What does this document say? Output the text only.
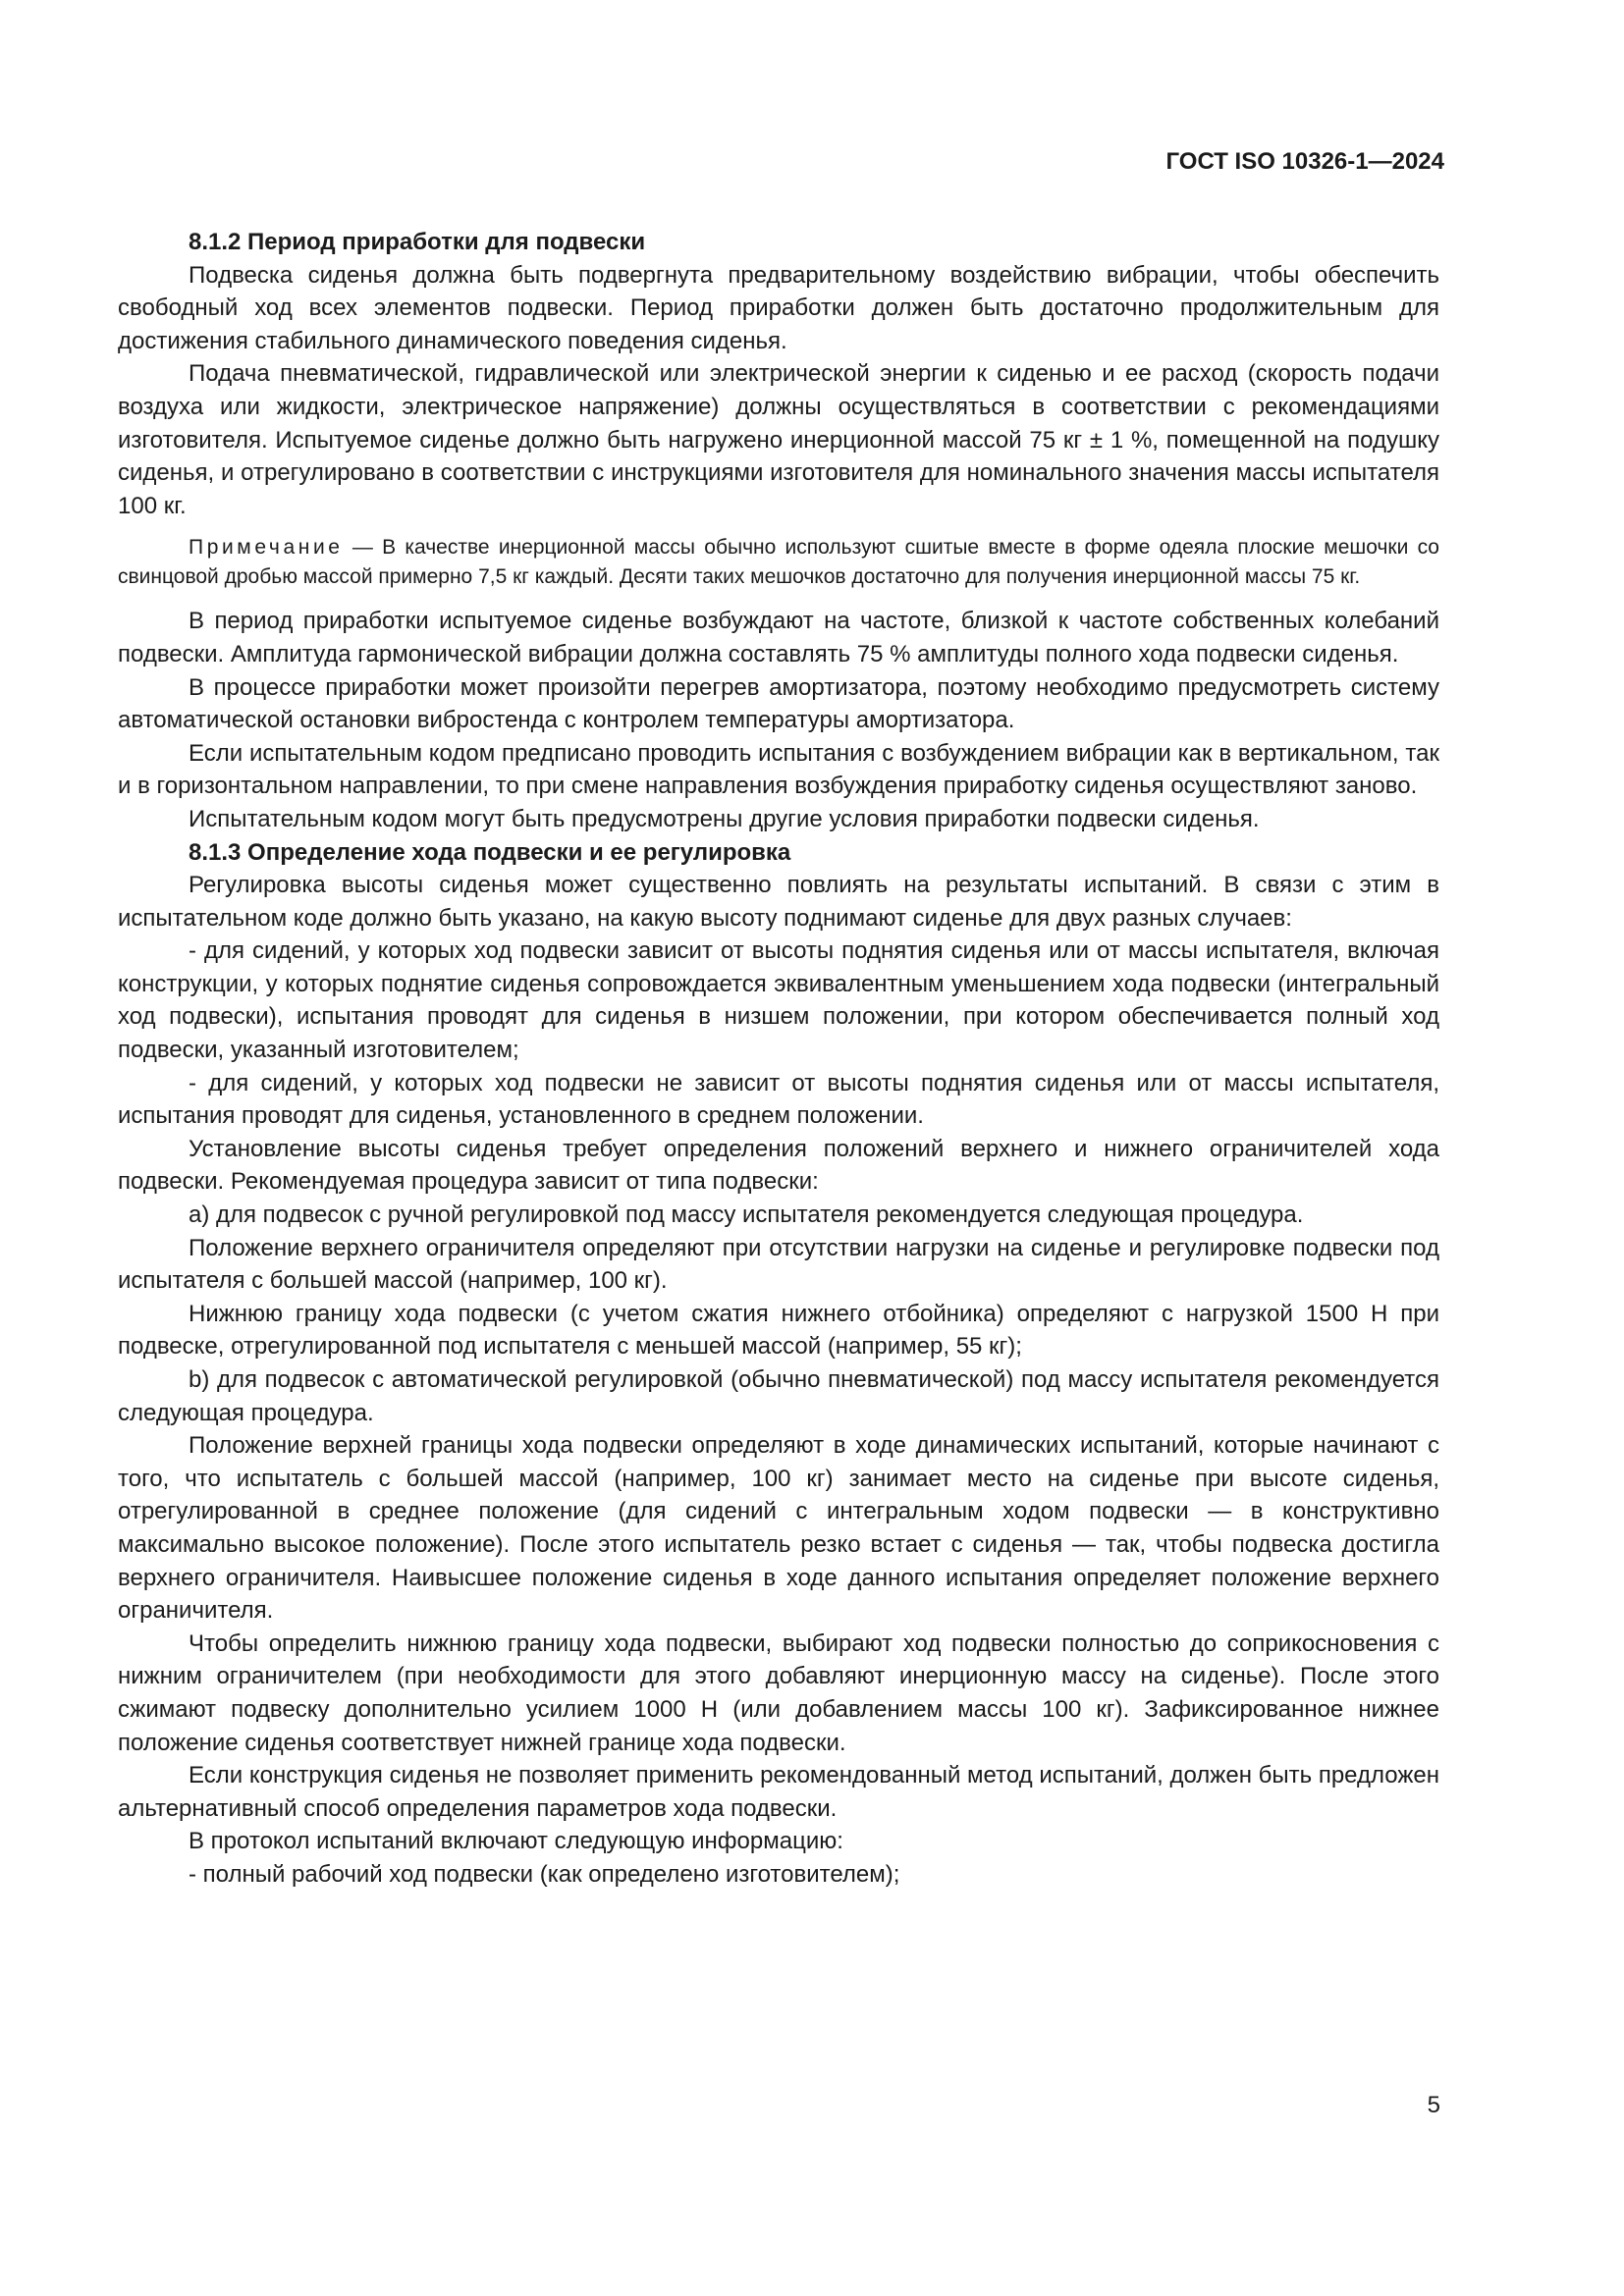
ГОСТ ISO 10326-1—2024

8.1.2 Период приработки для подвески

Подвеска сиденья должна быть подвергнута предварительному воздействию вибрации, чтобы обеспечить свободный ход всех элементов подвески. Период приработки должен быть достаточно продолжительным для достижения стабильного динамического поведения сиденья.

Подача пневматической, гидравлической или электрической энергии к сиденью и ее расход (скорость подачи воздуха или жидкости, электрическое напряжение) должны осуществляться в соответствии с рекомендациями изготовителя. Испытуемое сиденье должно быть нагружено инерционной массой 75 кг ± 1 %, помещенной на подушку сиденья, и отрегулировано в соответствии с инструкциями изготовителя для номинального значения массы испытателя 100 кг.

Примечание — В качестве инерционной массы обычно используют сшитые вместе в форме одеяла плоские мешочки со свинцовой дробью массой примерно 7,5 кг каждый. Десяти таких мешочков достаточно для получения инерционной массы 75 кг.

В период приработки испытуемое сиденье возбуждают на частоте, близкой к частоте собственных колебаний подвески. Амплитуда гармонической вибрации должна составлять 75 % амплитуды полного хода подвески сиденья.

В процессе приработки может произойти перегрев амортизатора, поэтому необходимо предусмотреть систему автоматической остановки вибростенда с контролем температуры амортизатора.

Если испытательным кодом предписано проводить испытания с возбуждением вибрации как в вертикальном, так и в горизонтальном направлении, то при смене направления возбуждения приработку сиденья осуществляют заново.

Испытательным кодом могут быть предусмотрены другие условия приработки подвески сиденья.

8.1.3 Определение хода подвески и ее регулировка

Регулировка высоты сиденья может существенно повлиять на результаты испытаний. В связи с этим в испытательном коде должно быть указано, на какую высоту поднимают сиденье для двух разных случаев:

- для сидений, у которых ход подвески зависит от высоты поднятия сиденья или от массы испытателя, включая конструкции, у которых поднятие сиденья сопровождается эквивалентным уменьшением хода подвески (интегральный ход подвески), испытания проводят для сиденья в низшем положении, при котором обеспечивается полный ход подвески, указанный изготовителем;

- для сидений, у которых ход подвески не зависит от высоты поднятия сиденья или от массы испытателя, испытания проводят для сиденья, установленного в среднем положении.

Установление высоты сиденья требует определения положений верхнего и нижнего ограничителей хода подвески. Рекомендуемая процедура зависит от типа подвески:

a) для подвесок с ручной регулировкой под массу испытателя рекомендуется следующая процедура.

Положение верхнего ограничителя определяют при отсутствии нагрузки на сиденье и регулировке подвески под испытателя с большей массой (например, 100 кг).

Нижнюю границу хода подвески (с учетом сжатия нижнего отбойника) определяют с нагрузкой 1500 Н при подвеске, отрегулированной под испытателя с меньшей массой (например, 55 кг);

b) для подвесок с автоматической регулировкой (обычно пневматической) под массу испытателя рекомендуется следующая процедура.

Положение верхней границы хода подвески определяют в ходе динамических испытаний, которые начинают с того, что испытатель с большей массой (например, 100 кг) занимает место на сиденье при высоте сиденья, отрегулированной в среднее положение (для сидений с интегральным ходом подвески — в конструктивно максимально высокое положение). После этого испытатель резко встает с сиденья — так, чтобы подвеска достигла верхнего ограничителя. Наивысшее положение сиденья в ходе данного испытания определяет положение верхнего ограничителя.

Чтобы определить нижнюю границу хода подвески, выбирают ход подвески полностью до соприкосновения с нижним ограничителем (при необходимости для этого добавляют инерционную массу на сиденье). После этого сжимают подвеску дополнительно усилием 1000 Н (или добавлением массы 100 кг). Зафиксированное нижнее положение сиденья соответствует нижней границе хода подвески.

Если конструкция сиденья не позволяет применить рекомендованный метод испытаний, должен быть предложен альтернативный способ определения параметров хода подвески.

В протокол испытаний включают следующую информацию:

- полный рабочий ход подвески (как определено изготовителем);

5
